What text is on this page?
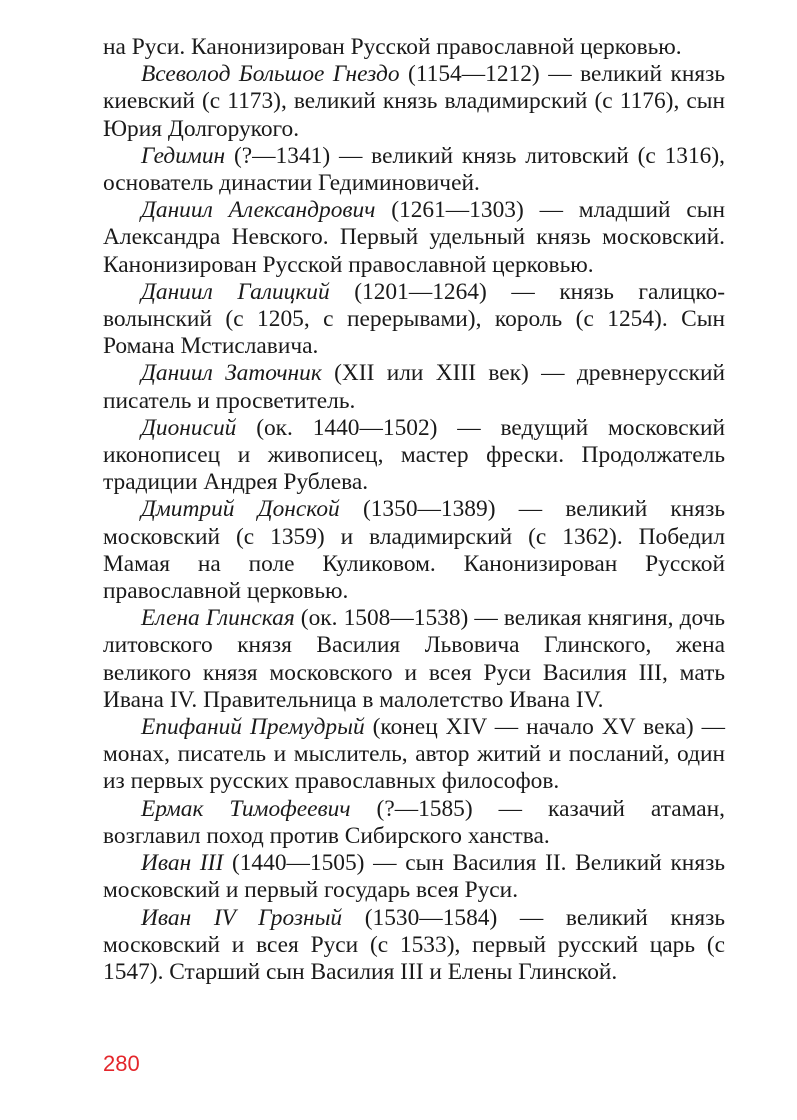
на Руси. Канонизирован Русской православной церковью.

Всеволод Большое Гнездо (1154—1212) — великий князь киевский (с 1173), великий князь владимирский (с 1176), сын Юрия Долгорукого.

Гедимин (?—1341) — великий князь литовский (с 1316), основатель династии Гедиминовичей.

Даниил Александрович (1261—1303) — младший сын Александра Невского. Первый удельный князь московский. Канонизирован Русской православной церковью.

Даниил Галицкий (1201—1264) — князь галицко-волынский (с 1205, с перерывами), король (с 1254). Сын Романа Мстиславича.

Даниил Заточник (XII или XIII век) — древнерусский писатель и просветитель.

Дионисий (ок. 1440—1502) — ведущий московский иконописец и живописец, мастер фрески. Продолжатель традиции Андрея Рублева.

Дмитрий Донской (1350—1389) — великий князь московский (с 1359) и владимирский (с 1362). Победил Мамая на поле Куликовом. Канонизирован Русской православной церковью.

Елена Глинская (ок. 1508—1538) — великая княгиня, дочь литовского князя Василия Львовича Глинского, жена великого князя московского и всея Руси Василия III, мать Ивана IV. Правительница в малолетство Ивана IV.

Епифаний Премудрый (конец XIV — начало XV века) — монах, писатель и мыслитель, автор житий и посланий, один из первых русских православных философов.

Ермак Тимофеевич (?—1585) — казачий атаман, возглавил поход против Сибирского ханства.

Иван III (1440—1505) — сын Василия II. Великий князь московский и первый государь всея Руси.

Иван IV Грозный (1530—1584) — великий князь московский и всея Руси (с 1533), первый русский царь (с 1547). Старший сын Василия III и Елены Глинской.

280
